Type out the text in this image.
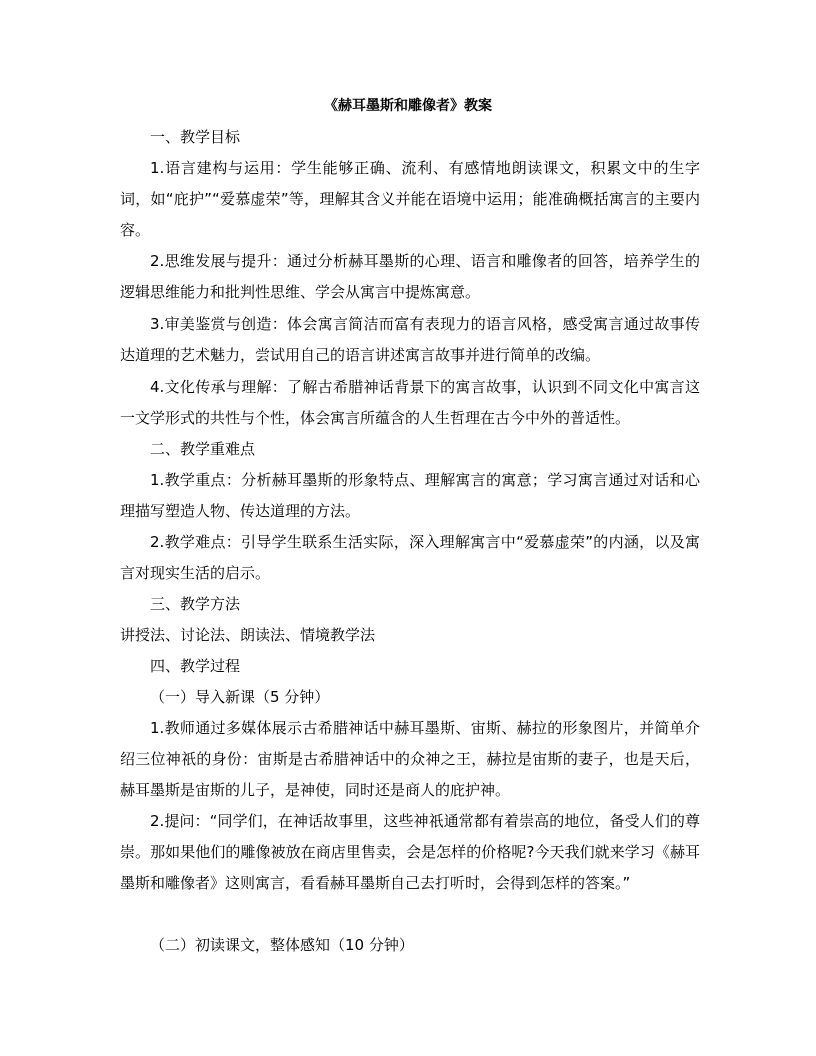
《赫耳墨斯和雕像者》教案

一、教学目标

1.语言建构与运用：学生能够正确、流利、有感情地朗读课文，积累文中的生字词，如“庇护”“爱慕虚荣”等，理解其含义并能在语境中运用；能准确概括寓言的主要内容。

2.思维发展与提升：通过分析赫耳墨斯的心理、语言和雕像者的回答，培养学生的逻辑思维能力和批判性思维、学会从寓言中提炼寓意。

3.审美鉴赏与创造：体会寓言简洁而富有表现力的语言风格，感受寓言通过故事传达道理的艺术魅力，尝试用自己的语言讲述寓言故事并进行简单的改编。

4.文化传承与理解：了解古希腊神话背景下的寓言故事，认识到不同文化中寓言这一文学形式的共性与个性，体会寓言所蕴含的人生哲理在古今中外的普适性。

二、教学重难点

1.教学重点：分析赫耳墨斯的形象特点、理解寓言的寓意；学习寓言通过对话和心理描写塑造人物、传达道理的方法。

2.教学难点：引导学生联系生活实际，深入理解寓言中“爱慕虚荣”的内涵，以及寓言对现实生活的启示。

三、教学方法

讲授法、讨论法、朗读法、情境教学法

四、教学过程

（一）导入新课（5 分钟）

1.教师通过多媒体展示古希腊神话中赫耳墨斯、宙斯、赫拉的形象图片，并简单介绍三位神祇的身份：宙斯是古希腊神话中的众神之王，赫拉是宙斯的妻子，也是天后，赫耳墨斯是宙斯的儿子，是神使，同时还是商人的庇护神。

2.提问：“同学们，在神话故事里，这些神祇通常都有着崇高的地位，备受人们的尊崇。那如果他们的雕像被放在商店里售卖，会是怎样的价格呢?今天我们就来学习《赫耳墨斯和雕像者》这则寓言，看看赫耳墨斯自己去打听时，会得到怎样的答案。”

（二）初读课文，整体感知（10 分钟）
